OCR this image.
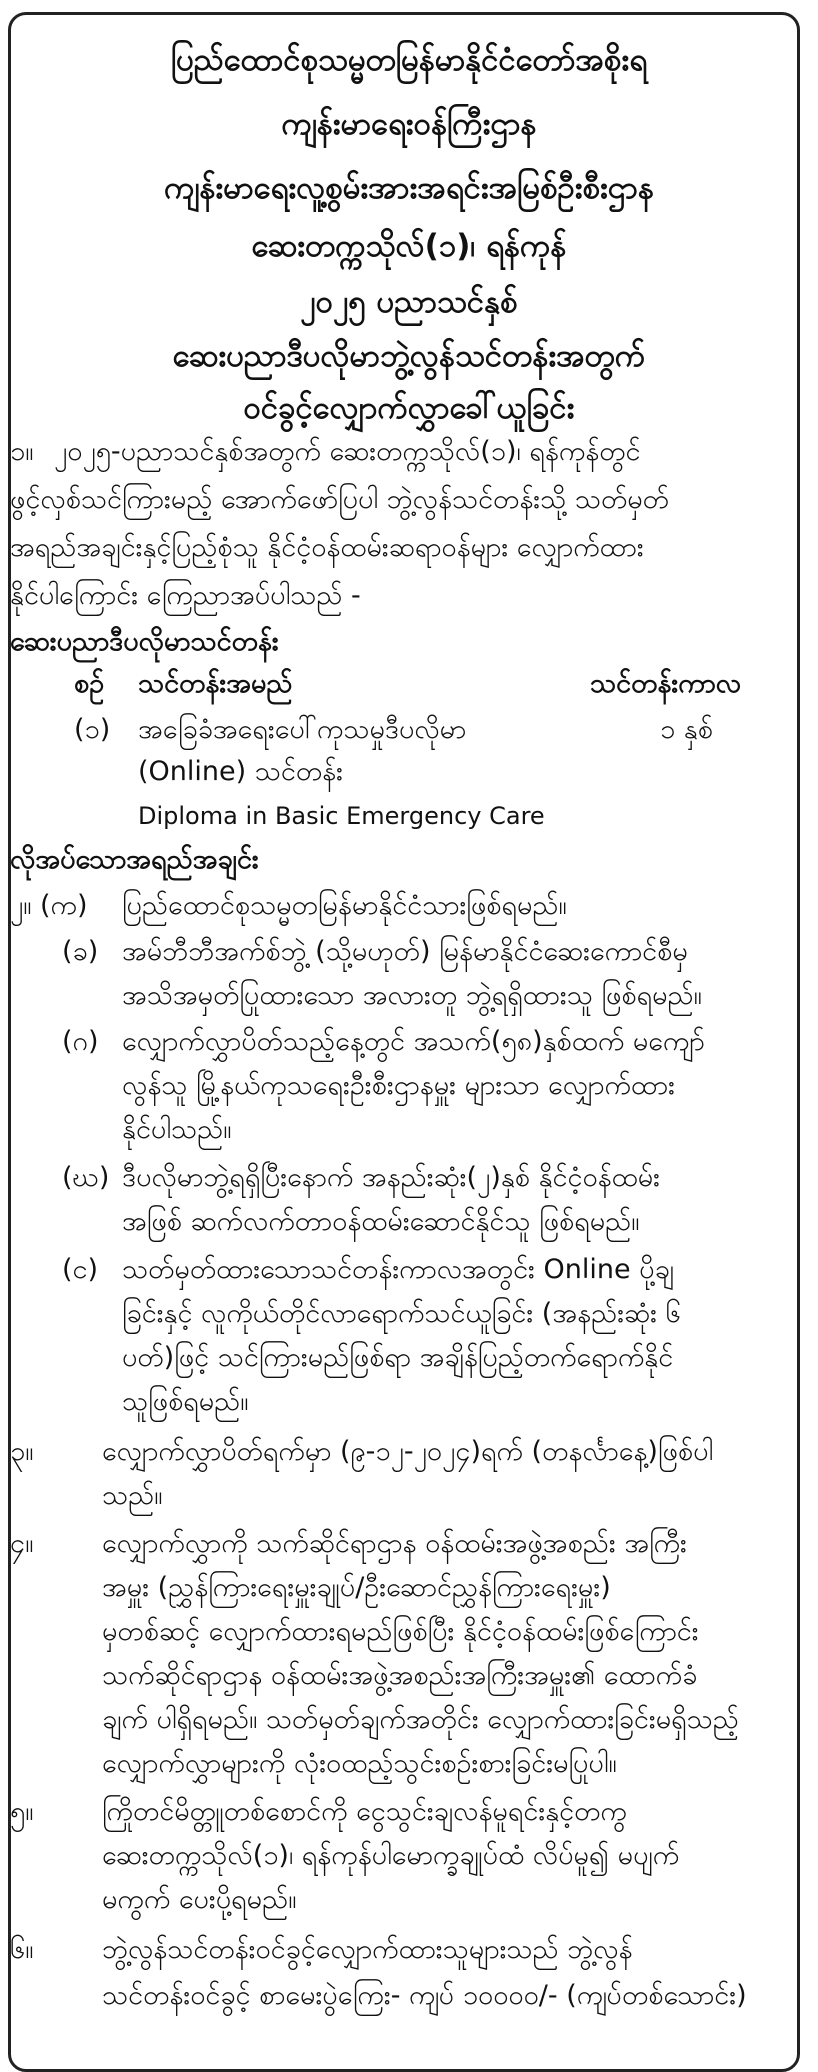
ပြည်ထောင်စုသမ္မတမြန်မာနိုင်ငံတော်အစိုးရ
ကျန်းမာရေးဝန်ကြီးဌာန
ကျန်းမာရေးလူ့စွမ်းအားအရင်းအမြစ်ဦးစီးဌာန
ဆေးတက္ကသိုလ်(၁)၊ ရန်ကုန်
၂၀၂၅ ပညာသင်နှစ်
ဆေးပညာဒီပလိုမာဘွဲ့လွန်သင်တန်းအတွက်
ဝင်ခွင့်လျှောက်လွှာခေါ်ယူခြင်း
၁။ ၂၀၂၅-ပညာသင်နှစ်အတွက် ဆေးတက္ကသိုလ်(၁)၊ ရန်ကုန်တွင်
ဖွင့်လှစ်သင်ကြားမည့် အောက်ဖော်ပြပါ ဘွဲ့လွန်သင်တန်းသို့ သတ်မှတ်
အရည်အချင်းနှင့်ပြည့်စုံသူ နိုင်ငံ့ဝန်ထမ်းဆရာဝန်များ လျှောက်ထား
နိုင်ပါကြောင်း ကြေညာအပ်ပါသည် -
ဆေးပညာဒီပလိုမာသင်တန်း
စဉ် သင်တန်းအမည်	သင်တန်းကာလ
(၁) အခြေခံအရေးပေါ်ကုသမှုဒီပလိုမာ	၁ နှစ်
(Online) သင်တန်း
Diploma in Basic Emergency Care
လိုအပ်သောအရည်အချင်း
၂။ (က) ပြည်ထောင်စုသမ္မတမြန်မာနိုင်ငံသားဖြစ်ရမည်။
(ခ) အမ်ဘီဘီအက်စ်ဘွဲ့ (သို့မဟုတ်) မြန်မာနိုင်ငံဆေးကောင်စီမှ
အသိအမှတ်ပြုထားသော အလားတူ ဘွဲ့ရရှိထားသူ ဖြစ်ရမည်။
(ဂ) လျှောက်လွှာပိတ်သည့်နေ့တွင် အသက်(၅၈)နှစ်ထက် မကျော်
လွန်သူ မြို့နယ်ကုသရေးဦးစီးဌာနမှူး များသာ လျှောက်ထား
နိုင်ပါသည်။
(ဃ) ဒီပလိုမာဘွဲ့ရရှိပြီးနောက် အနည်းဆုံး(၂)နှစ် နိုင်ငံ့ဝန်ထမ်း
အဖြစ် ဆက်လက်တာဝန်ထမ်းဆောင်နိုင်သူ ဖြစ်ရမည်။
(င) သတ်မှတ်ထားသောသင်တန်းကာလအတွင်း Online ပို့ချ
ခြင်းနှင့် လူကိုယ်တိုင်လာရောက်သင်ယူခြင်း (အနည်းဆုံး ၆
ပတ်)ဖြင့် သင်ကြားမည်ဖြစ်ရာ အချိန်ပြည့်တက်ရောက်နိုင်
သူဖြစ်ရမည်။
၃။	လျှောက်လွှာပိတ်ရက်မှာ (၉-၁၂-၂၀၂၄)ရက် (တနင်္လာနေ့)ဖြစ်ပါ
သည်။
၄။	လျှောက်လွှာကို သက်ဆိုင်ရာဌာန ဝန်ထမ်းအဖွဲ့အစည်း အကြီး
အမှူး (ညွှန်ကြားရေးမှူးချုပ်/ဦးဆောင်ညွှန်ကြားရေးမှူး)
မှတစ်ဆင့် လျှောက်ထားရမည်ဖြစ်ပြီး နိုင်ငံ့ဝန်ထမ်းဖြစ်ကြောင်း
သက်ဆိုင်ရာဌာန ဝန်ထမ်းအဖွဲ့အစည်းအကြီးအမှူး၏ ထောက်ခံ
ချက် ပါရှိရမည်။ သတ်မှတ်ချက်အတိုင်း လျှောက်ထားခြင်းမရှိသည့်
လျှောက်လွှာများကို လုံးဝထည့်သွင်းစဉ်းစားခြင်းမပြုပါ။
၅။	ကြိုတင်မိတ္တူတစ်စောင်ကို ငွေသွင်းချလန်မူရင်းနှင့်တကွ
ဆေးတက္ကသိုလ်(၁)၊ ရန်ကုန်ပါမောက္ခချုပ်ထံ လိပ်မူ၍ မပျက်
မကွက် ပေးပို့ရမည်။
၆။	ဘွဲ့လွန်သင်တန်းဝင်ခွင့်လျှောက်ထားသူများသည် ဘွဲ့လွန်
သင်တန်းဝင်ခွင့် စာမေးပွဲကြေး- ကျပ် ၁၀၀၀၀/- (ကျပ်တစ်သောင်း)
